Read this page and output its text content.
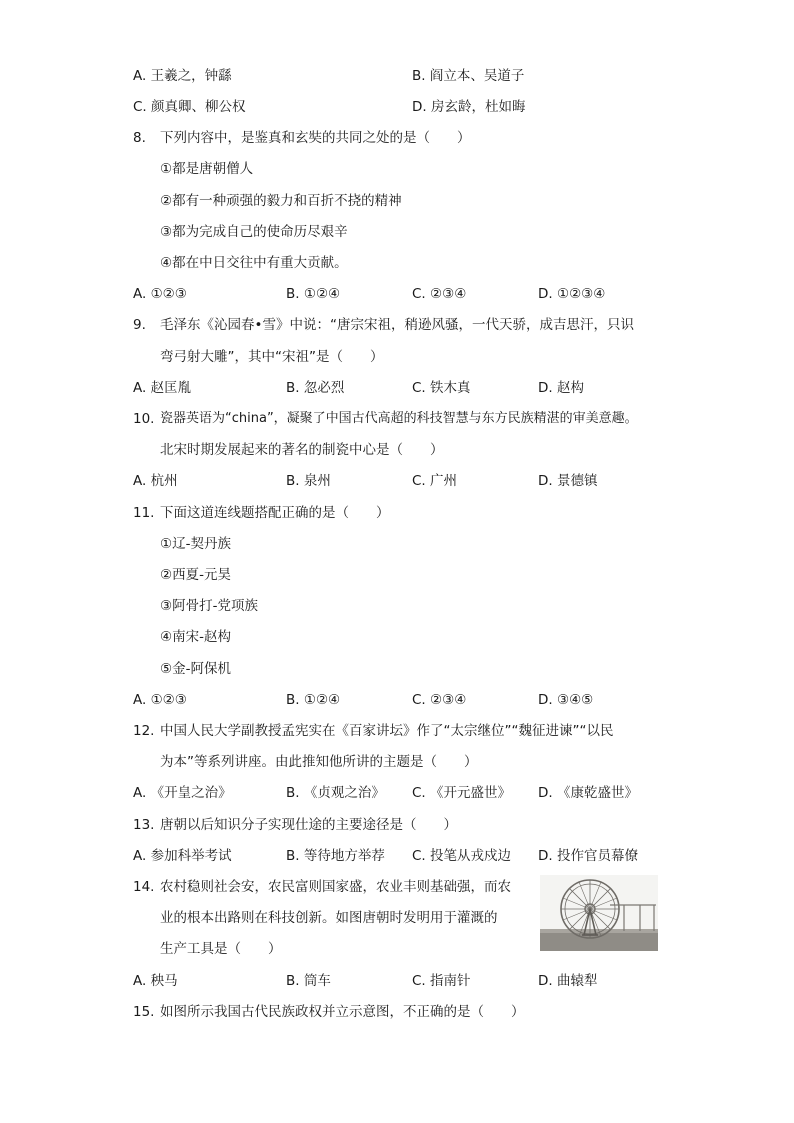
A. 王羲之，钟繇	B. 阎立本、吴道子
C. 颜真卿、柳公权	D. 房玄龄，杜如晦
8. 下列内容中，是鉴真和玄奘的共同之处的是（　　）
①都是唐朝僧人
②都有一种顽强的毅力和百折不挠的精神
③都为完成自己的使命历尽艰辛
④都在中日交往中有重大贡献。
A. ①②③	B. ①②④	C. ②③④	D. ①②③④
9. 毛泽东《沁园春•雪》中说：“唐宗宋祖，稍逊风骚，一代天骄，成吉思汗，只识
弯弓射大雕”，其中“宋祖”是（　　）
A. 赵匡胤	B. 忽必烈	C. 铁木真	D. 赵构
10. 瓷器英语为“china”，凝聚了中国古代高超的科技智慧与东方民族精湛的审美意趣。
北宋时期发展起来的著名的制瓷中心是（　　）
A. 杭州	B. 泉州	C. 广州	D. 景德镇
11. 下面这道连线题搭配正确的是（　　）
①辽-契丹族
②西夏-元昊
③阿骨打-党项族
④南宋-赵构
⑤金-阿保机
A. ①②③	B. ①②④	C. ②③④	D. ③④⑤
12. 中国人民大学副教授孟宪实在《百家讲坛》作了“太宗继位”“魏征进谏”“以民
为本”等系列讲座。由此推知他所讲的主题是（　　）
A. 《开皇之治》	B. 《贞观之治》 C. 《开元盛世》 D. 《康乾盛世》
13. 唐朝以后知识分子实现仕途的主要途径是（　　）
A. 参加科举考试	B. 等待地方举荐 C. 投笔从戎戍边 D. 投作官员幕僚
14. 农村稳则社会安，农民富则国家盛，农业丰则基础强，而农
业的根本出路则在科技创新。如图唐朝时发明用于灌溉的
生产工具是（　　）
A. 秧马	B. 筒车	C. 指南针	D. 曲辕犁
15. 如图所示我国古代民族政权并立示意图，不正确的是（　　）
